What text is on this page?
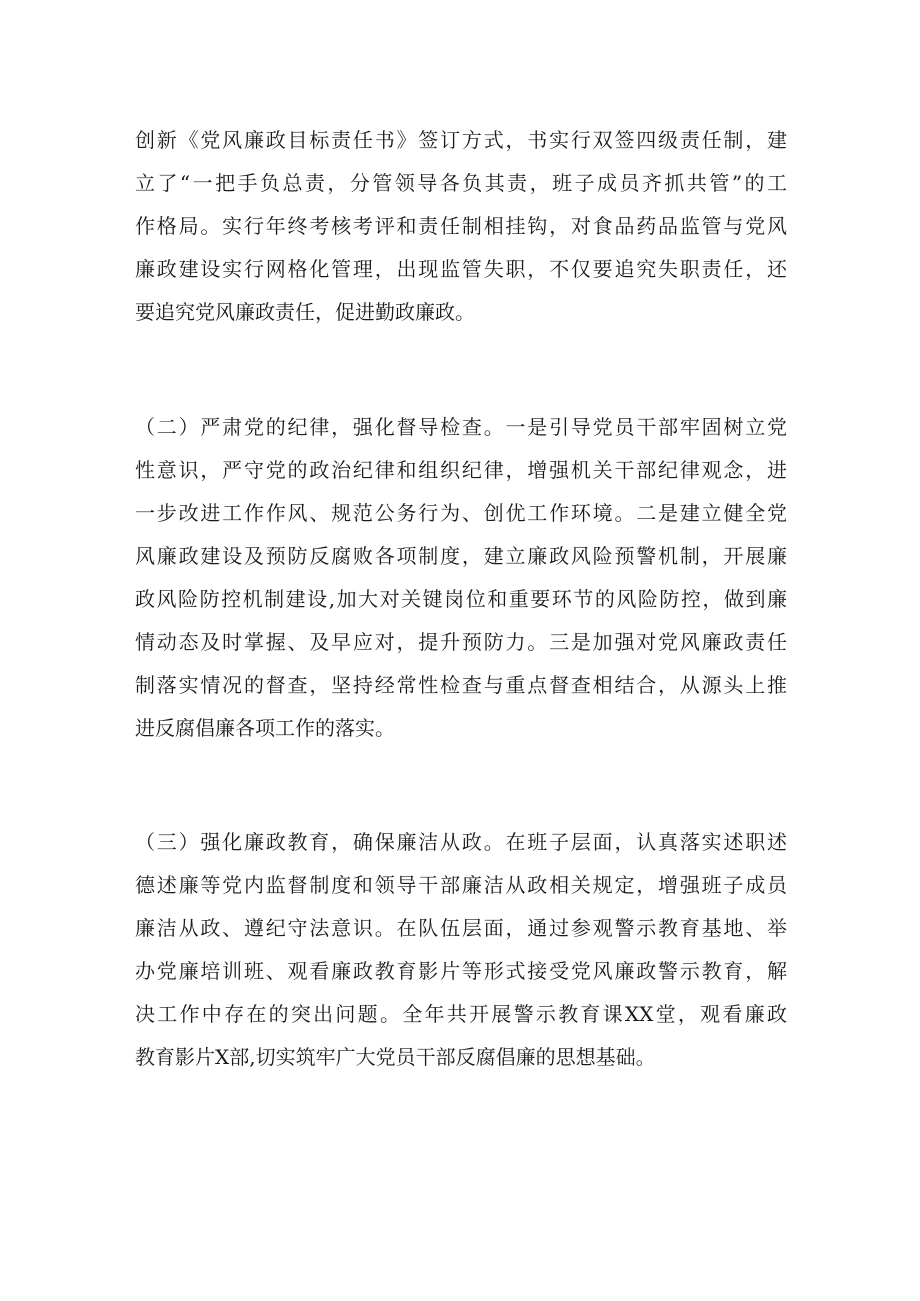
创新《党风廉政目标责任书》签订方式，书实行双签四级责任制，建
立了“一把手负总责，分管领导各负其责，班子成员齐抓共管”的工
作格局。实行年终考核考评和责任制相挂钩，对食品药品监管与党风
廉政建设实行网格化管理，出现监管失职，不仅要追究失职责任，还
要追究党风廉政责任，促进勤政廉政。
（二）严肃党的纪律，强化督导检查。一是引导党员干部牢固树立党
性意识，严守党的政治纪律和组织纪律，增强机关干部纪律观念，进
一步改进工作作风、规范公务行为、创优工作环境。二是建立健全党
风廉政建设及预防反腐败各项制度，建立廉政风险预警机制，开展廉
政风险防控机制建设,加大对关键岗位和重要环节的风险防控，做到廉
情动态及时掌握、及早应对，提升预防力。三是加强对党风廉政责任
制落实情况的督查，坚持经常性检查与重点督查相结合，从源头上推
进反腐倡廉各项工作的落实。
（三）强化廉政教育，确保廉洁从政。在班子层面，认真落实述职述
德述廉等党内监督制度和领导干部廉洁从政相关规定，增强班子成员
廉洁从政、遵纪守法意识。在队伍层面，通过参观警示教育基地、举
办党廉培训班、观看廉政教育影片等形式接受党风廉政警示教育，解
决工作中存在的突出问题。全年共开展警示教育课XX堂，观看廉政
教育影片X部,切实筑牢广大党员干部反腐倡廉的思想基础。
